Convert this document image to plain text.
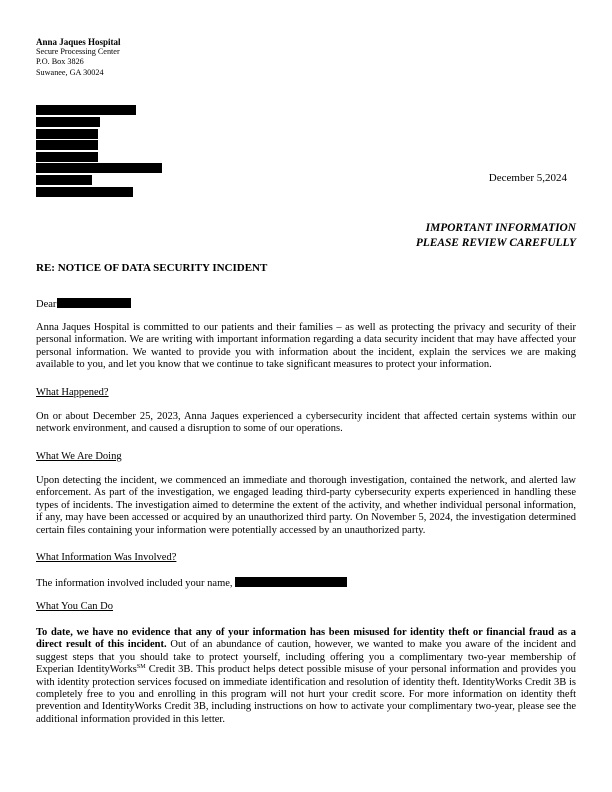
Anna Jaques Hospital
Secure Processing Center
P.O. Box 3826
Suwanee, GA 30024
December 5,2024
IMPORTANT INFORMATION
PLEASE REVIEW CAREFULLY
RE: NOTICE OF DATA SECURITY INCIDENT
Dear
Anna Jaques Hospital is committed to our patients and their families – as well as protecting the privacy and security of their personal information. We are writing with important information regarding a data security incident that may have affected your personal information. We wanted to provide you with information about the incident, explain the services we are making available to you, and let you know that we continue to take significant measures to protect your information.
What Happened?
On or about December 25, 2023, Anna Jaques experienced a cybersecurity incident that affected certain systems within our network environment, and caused a disruption to some of our operations.
What We Are Doing
Upon detecting the incident, we commenced an immediate and thorough investigation, contained the network, and alerted law enforcement. As part of the investigation, we engaged leading third-party cybersecurity experts experienced in handling these types of incidents. The investigation aimed to determine the extent of the activity, and whether individual personal information, if any, may have been accessed or acquired by an unauthorized third party. On November 5, 2024, the investigation determined certain files containing your information were potentially accessed by an unauthorized party.
What Information Was Involved?
The information involved included your name,
What You Can Do
To date, we have no evidence that any of your information has been misused for identity theft or financial fraud as a direct result of this incident. Out of an abundance of caution, however, we wanted to make you aware of the incident and suggest steps that you should take to protect yourself, including offering you a complimentary two-year membership of Experian IdentityWorks℠ Credit 3B. This product helps detect possible misuse of your personal information and provides you with identity protection services focused on immediate identification and resolution of identity theft. IdentityWorks Credit 3B is completely free to you and enrolling in this program will not hurt your credit score. For more information on identity theft prevention and IdentityWorks Credit 3B, including instructions on how to activate your complimentary two-year, please see the additional information provided in this letter.
